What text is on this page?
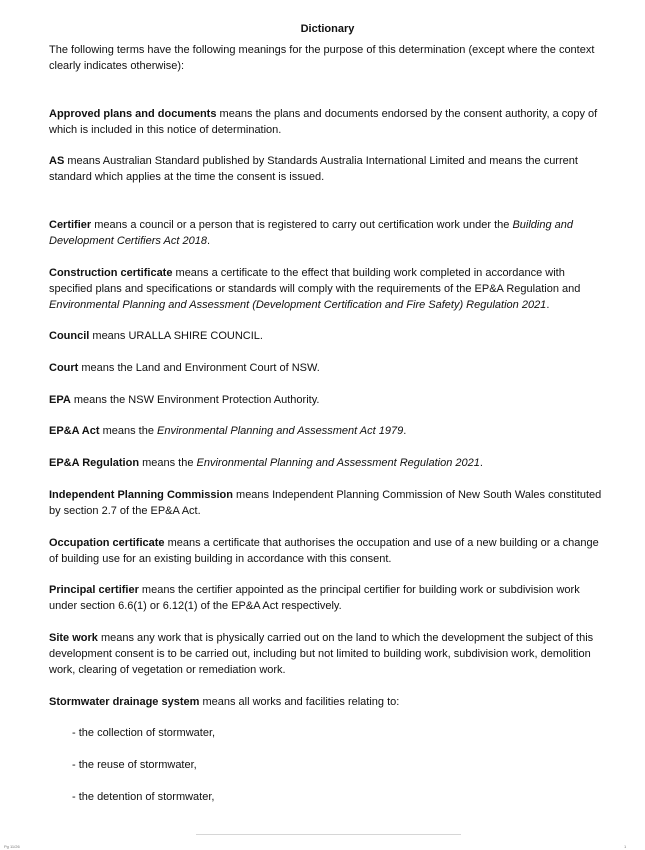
Dictionary

The following terms have the following meanings for the purpose of this determination (except where the context clearly indicates otherwise):

Approved plans and documents means the plans and documents endorsed by the consent authority, a copy of which is included in this notice of determination.

AS means Australian Standard published by Standards Australia International Limited and means the current standard which applies at the time the consent is issued.

Certifier means a council or a person that is registered to carry out certification work under the Building and Development Certifiers Act 2018.

Construction certificate means a certificate to the effect that building work completed in accordance with specified plans and specifications or standards will comply with the requirements of the EP&A Regulation and Environmental Planning and Assessment (Development Certification and Fire Safety) Regulation 2021.

Council means URALLA SHIRE COUNCIL.

Court means the Land and Environment Court of NSW.

EPA means the NSW Environment Protection Authority.

EP&A Act means the Environmental Planning and Assessment Act 1979.

EP&A Regulation means the Environmental Planning and Assessment Regulation 2021.

Independent Planning Commission means Independent Planning Commission of New South Wales constituted by section 2.7 of the EP&A Act.

Occupation certificate means a certificate that authorises the occupation and use of a new building or a change of building use for an existing building in accordance with this consent.

Principal certifier means the certifier appointed as the principal certifier for building work or subdivision work under section 6.6(1) or 6.12(1) of the EP&A Act respectively.

Site work means any work that is physically carried out on the land to which the development the subject of this development consent is to be carried out, including but not limited to building work, subdivision work, demolition work, clearing of vegetation or remediation work.

Stormwater drainage system means all works and facilities relating to:

- the collection of stormwater,

- the reuse of stormwater,

- the detention of stormwater,

Pg 11/26	1
